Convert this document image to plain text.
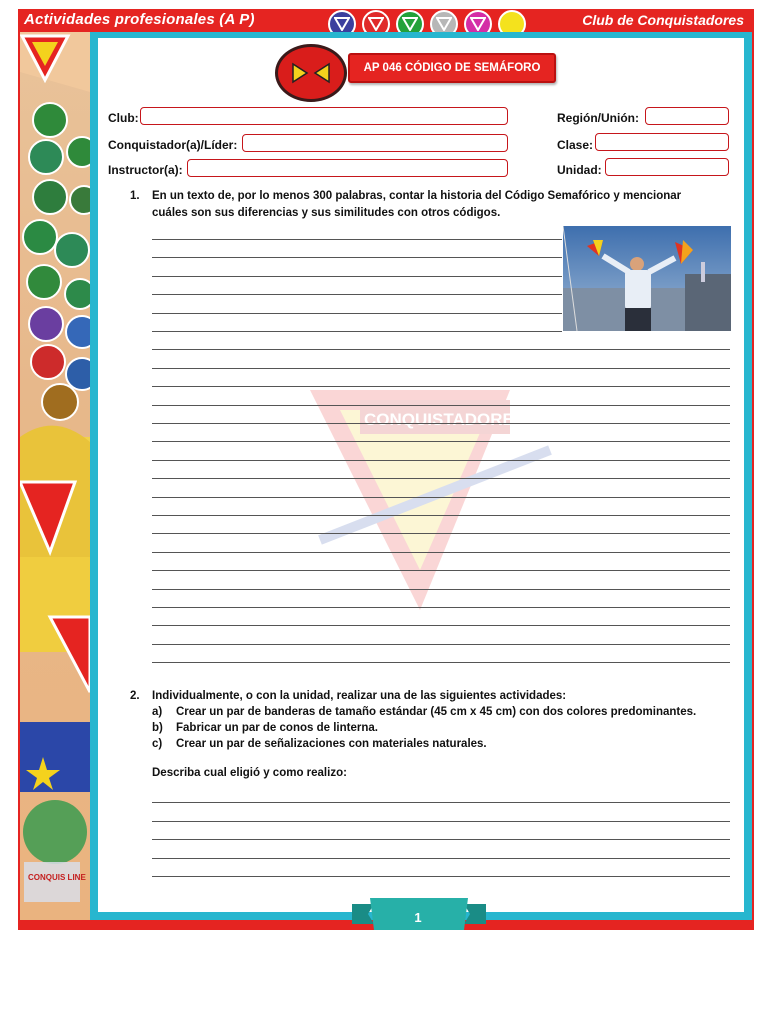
Actividades profesionales (A P)	Club de Conquistadores
CONQUIS LINE
CONQUISTADORES
AP 046 CÓDIGO DE SEMÁFORO
Club:	Región/Unión:
Conquistador(a)/Líder:	Clase:
Instructor(a):	Unidad:
1. En un texto de, por lo menos 300 palabras, contar la historia del Código Semafórico y mencionar
cuáles son sus diferencias y sus similitudes con otros códigos.
2. Individualmente, o con la unidad, realizar una de las siguientes actividades:
a) Crear un par de banderas de tamaño estándar (45 cm x 45 cm) con dos colores predominantes.
b) Fabricar un par de conos de linterna.
c) Crear un par de señalizaciones con materiales naturales.
Describa cual eligió y como realizo:
1
